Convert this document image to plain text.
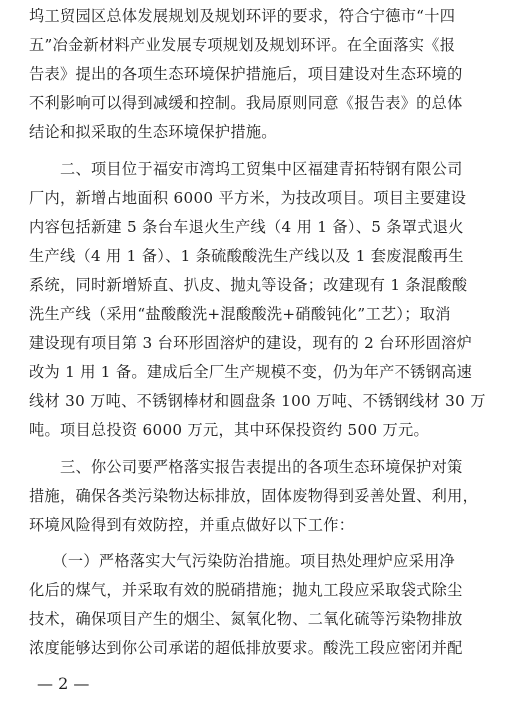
坞工贸园区总体发展规划及规划环评的要求，符合宁德市“十四
五”冶金新材料产业发展专项规划及规划环评。在全面落实《报
告表》提出的各项生态环境保护措施后，项目建设对生态环境的
不利影响可以得到减缓和控制。我局原则同意《报告表》的总体
结论和拟采取的生态环境保护措施。
　　二、项目位于福安市湾坞工贸集中区福建青拓特钢有限公司
厂内，新增占地面积 6000 平方米，为技改项目。项目主要建设
内容包括新建 5 条台车退火生产线（4 用 1 备）、5 条罩式退火
生产线（4 用 1 备）、1 条硫酸酸洗生产线以及 1 套废混酸再生
系统，同时新增矫直、扒皮、抛丸等设备；改建现有 1 条混酸酸
洗生产线（采用“盐酸酸洗+混酸酸洗+硝酸钝化”工艺）；取消
建设现有项目第 3 台环形固溶炉的建设，现有的 2 台环形固溶炉
改为 1 用 1 备。建成后全厂生产规模不变，仍为年产不锈钢高速
线材 30 万吨、不锈钢棒材和圆盘条 100 万吨、不锈钢线材 30 万
吨。项目总投资 6000 万元，其中环保投资约 500 万元。
　　三、你公司要严格落实报告表提出的各项生态环境保护对策
措施，确保各类污染物达标排放，固体废物得到妥善处置、利用，
环境风险得到有效防控，并重点做好以下工作：
　　（一）严格落实大气污染防治措施。项目热处理炉应采用净
化后的煤气，并采取有效的脱硝措施；抛丸工段应采取袋式除尘
技术，确保项目产生的烟尘、氮氧化物、二氧化硫等污染物排放
浓度能够达到你公司承诺的超低排放要求。酸洗工段应密闭并配
— 2 —
